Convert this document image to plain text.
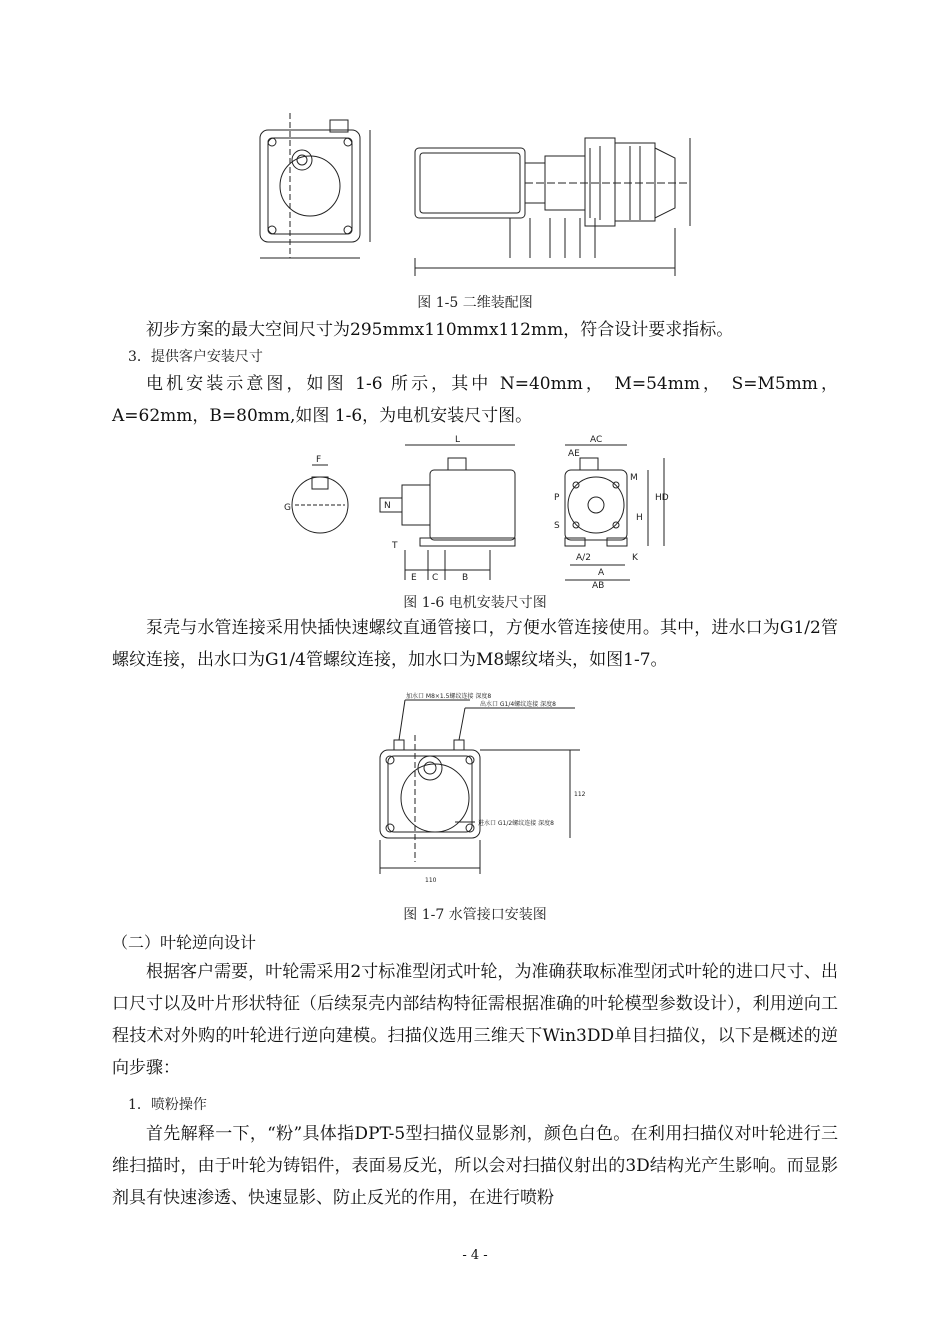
图 1-5 二维装配图

初步方案的最大空间尺寸为295mmx110mmx112mm，符合设计要求指标。

3．提供客户安装尺寸

电机安装示意图，如图 1-6 所示，其中 N=40mm， M=54mm， S=M5mm，A=62mm，B=80mm,如图 1-6，为电机安装尺寸图。

F
G
L
N
T
E C	B
AC
AE
HD
H
P
S
M
A/2
A
AB
K
图 1-6 电机安装尺寸图

泵壳与水管连接采用快插快速螺纹直通管接口，方便水管连接使用。其中，进水口为G1/2管螺纹连接，出水口为G1/4管螺纹连接，加水口为M8螺纹堵头，如图1-7。

加水口 M8×1.5螺纹连接 深度8
出水口 G1/4螺纹连接 深度8
进水口 G1/2螺纹连接 深度8
110
112
图 1-7 水管接口安装图
（二）叶轮逆向设计

根据客户需要，叶轮需采用2寸标准型闭式叶轮，为准确获取标准型闭式叶轮的进口尺寸、出口尺寸以及叶片形状特征（后续泵壳内部结构特征需根据准确的叶轮模型参数设计），利用逆向工程技术对外购的叶轮进行逆向建模。扫描仪选用三维天下Win3DD单目扫描仪，以下是概述的逆向步骤：

1．喷粉操作

首先解释一下，“粉”具体指DPT-5型扫描仪显影剂，颜色白色。在利用扫描仪对叶轮进行三维扫描时，由于叶轮为铸铝件，表面易反光，所以会对扫描仪射出的3D结构光产生影响。而显影剂具有快速渗透、快速显影、防止反光的作用，在进行喷粉

- 4 -
